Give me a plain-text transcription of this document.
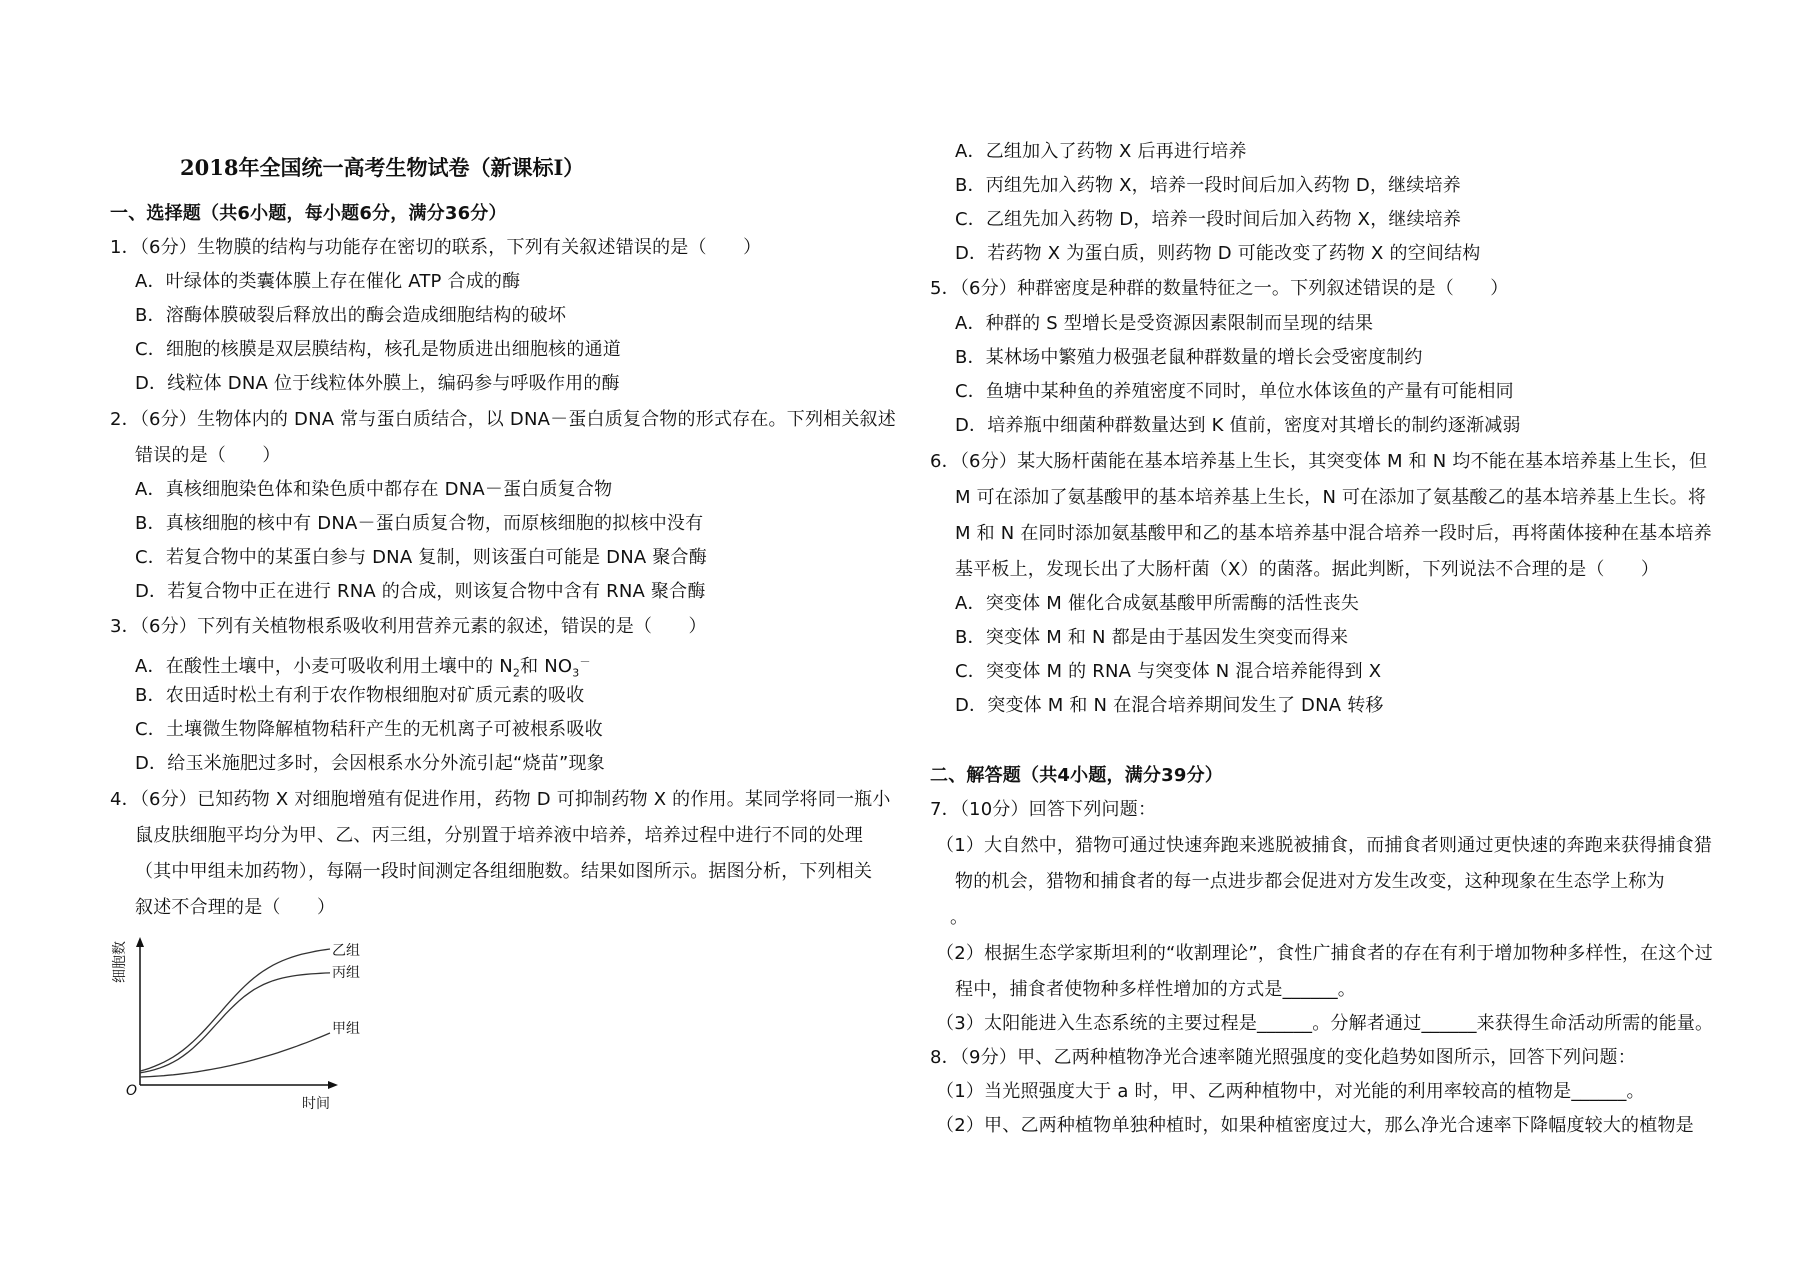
2018年全国统一高考生物试卷（新课标I）
一、选择题（共6小题，每小题6分，满分36分）
1．（6分）生物膜的结构与功能存在密切的联系，下列有关叙述错误的是（　　）
A．叶绿体的类囊体膜上存在催化 ATP 合成的酶
B．溶酶体膜破裂后释放出的酶会造成细胞结构的破坏
C．细胞的核膜是双层膜结构，核孔是物质进出细胞核的通道
D．线粒体 DNA 位于线粒体外膜上，编码参与呼吸作用的酶
2．（6分）生物体内的 DNA 常与蛋白质结合，以 DNA－蛋白质复合物的形式存在。下列相关叙述
错误的是（　　）
A．真核细胞染色体和染色质中都存在 DNA－蛋白质复合物
B．真核细胞的核中有 DNA－蛋白质复合物，而原核细胞的拟核中没有
C．若复合物中的某蛋白参与 DNA 复制，则该蛋白可能是 DNA 聚合酶
D．若复合物中正在进行 RNA 的合成，则该复合物中含有 RNA 聚合酶
3．（6分）下列有关植物根系吸收利用营养元素的叙述，错误的是（　　）
A．在酸性土壤中，小麦可吸收利用土壤中的 $N_2$和 $NO_3^-$
B．农田适时松土有利于农作物根细胞对矿质元素的吸收
C．土壤微生物降解植物秸秆产生的无机离子可被根系吸收
D．给玉米施肥过多时，会因根系水分外流引起“烧苗”现象
4．（6分）已知药物 X 对细胞增殖有促进作用，药物 D 可抑制药物 X 的作用。某同学将同一瓶小
鼠皮肤细胞平均分为甲、乙、丙三组，分别置于培养液中培养，培养过程中进行不同的处理
（其中甲组未加药物），每隔一段时间测定各组细胞数。结果如图所示。据图分析，下列相关
叙述不合理的是（　　）
细胞数
时间
O
乙组
丙组
甲组
A．乙组加入了药物 X 后再进行培养
B．丙组先加入药物 X，培养一段时间后加入药物 D，继续培养
C．乙组先加入药物 D，培养一段时间后加入药物 X，继续培养
D．若药物 X 为蛋白质，则药物 D 可能改变了药物 X 的空间结构
5．（6分）种群密度是种群的数量特征之一。下列叙述错误的是（　　）
A．种群的 S 型增长是受资源因素限制而呈现的结果
B．某林场中繁殖力极强老鼠种群数量的增长会受密度制约
C．鱼塘中某种鱼的养殖密度不同时，单位水体该鱼的产量有可能相同
D．培养瓶中细菌种群数量达到 K 值前，密度对其增长的制约逐渐减弱
6．（6分）某大肠杆菌能在基本培养基上生长，其突变体 M 和 N 均不能在基本培养基上生长，但
M 可在添加了氨基酸甲的基本培养基上生长，N 可在添加了氨基酸乙的基本培养基上生长。将
M 和 N 在同时添加氨基酸甲和乙的基本培养基中混合培养一段时后，再将菌体接种在基本培养
基平板上，发现长出了大肠杆菌（X）的菌落。据此判断，下列说法不合理的是（　　）
A．突变体 M 催化合成氨基酸甲所需酶的活性丧失
B．突变体 M 和 N 都是由于基因发生突变而得来
C．突变体 M 的 RNA 与突变体 N 混合培养能得到 X
D．突变体 M 和 N 在混合培养期间发生了 DNA 转移
二、解答题（共4小题，满分39分）
7．（10分）回答下列问题：
（1）大自然中，猎物可通过快速奔跑来逃脱被捕食，而捕食者则通过更快速的奔跑来获得捕食猎
物的机会，猎物和捕食者的每一点进步都会促进对方发生改变，这种现象在生态学上称为
。
（2）根据生态学家斯坦利的“收割理论”，食性广捕食者的存在有利于增加物种多样性，在这个过
程中，捕食者使物种多样性增加的方式是______。
（3）太阳能进入生态系统的主要过程是______。分解者通过______来获得生命活动所需的能量。
8．（9分）甲、乙两种植物净光合速率随光照强度的变化趋势如图所示，回答下列问题：
（1）当光照强度大于 a 时，甲、乙两种植物中，对光能的利用率较高的植物是______。
（2）甲、乙两种植物单独种植时，如果种植密度过大，那么净光合速率下降幅度较大的植物是
